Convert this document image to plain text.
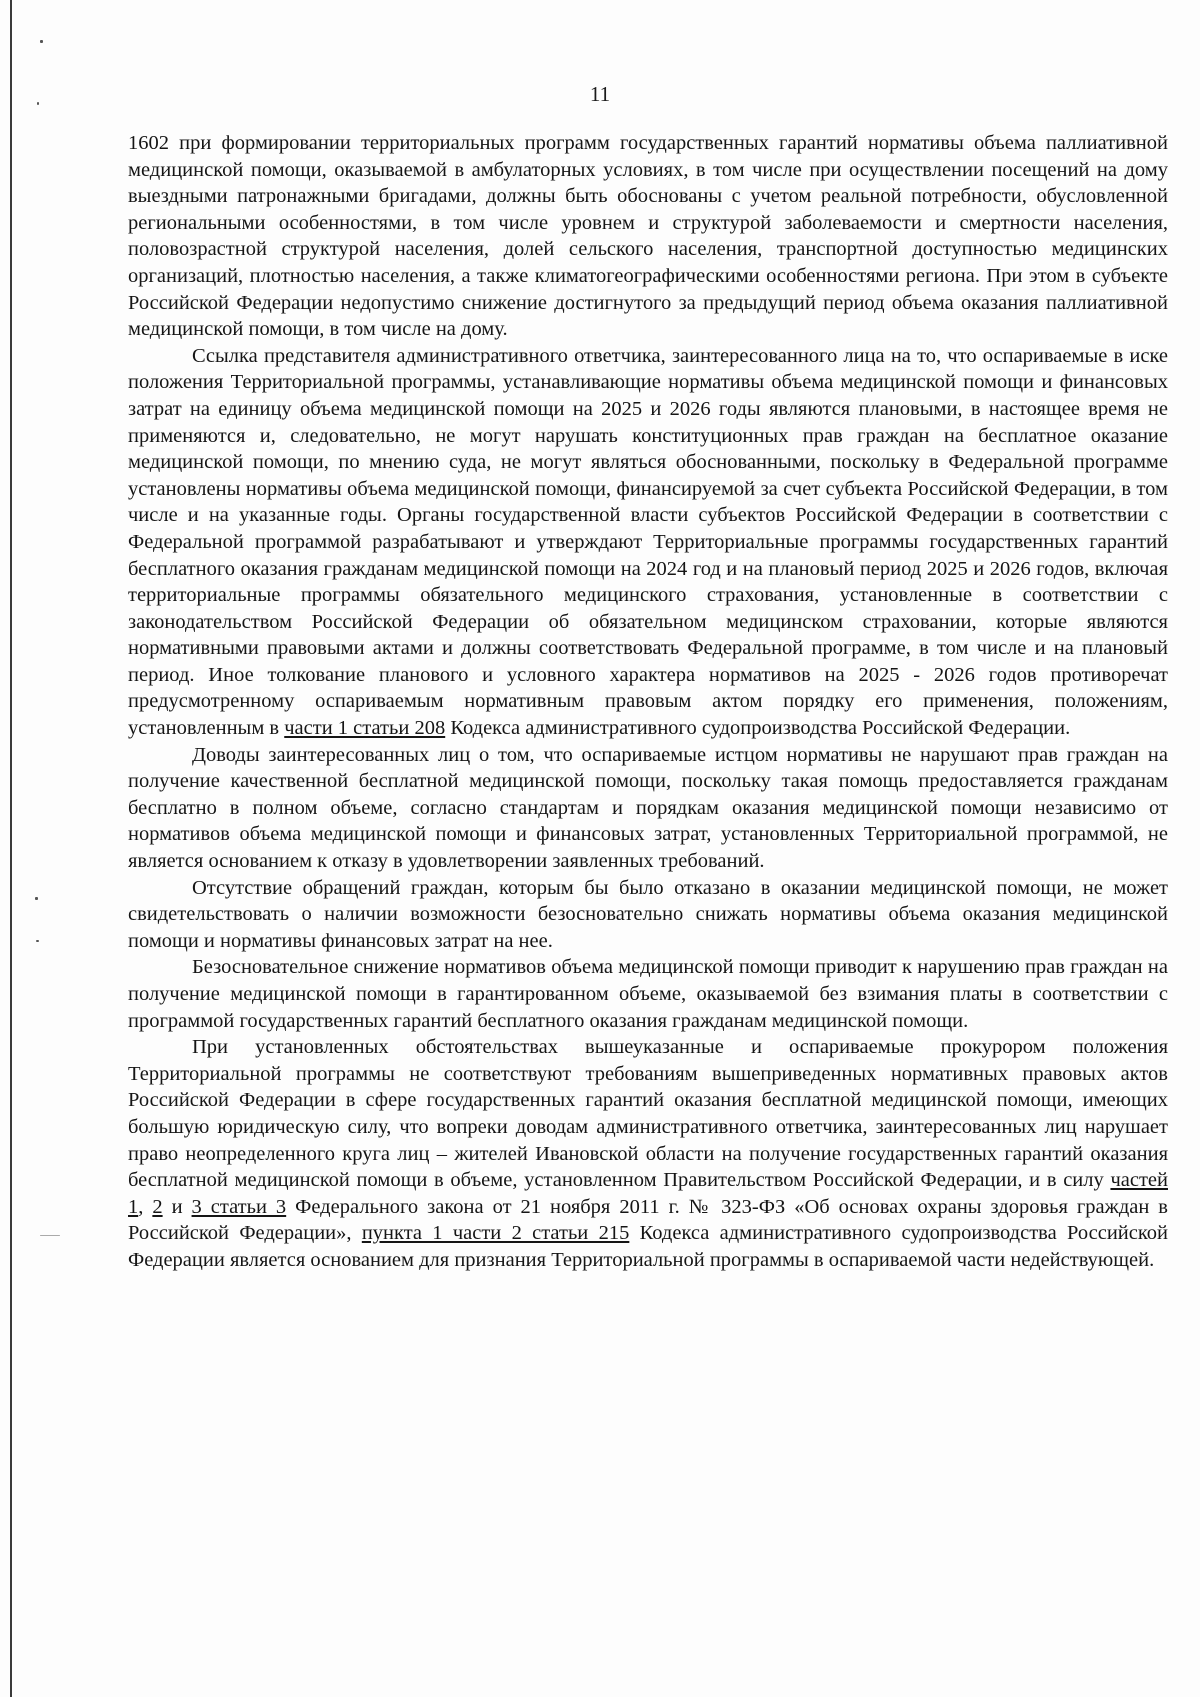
11

1602 при формировании территориальных программ государственных гарантий нормативы объема паллиативной медицинской помощи, оказываемой в амбулаторных условиях, в том числе при осуществлении посещений на дому выездными патронажными бригадами, должны быть обоснованы с учетом реальной потребности, обусловленной региональными особенностями, в том числе уровнем и структурой заболеваемости и смертности населения, половозрастной структурой населения, долей сельского населения, транспортной доступностью медицинских организаций, плотностью населения, а также климатогеографическими особенностями региона. При этом в субъекте Российской Федерации недопустимо снижение достигнутого за предыдущий период объема оказания паллиативной медицинской помощи, в том числе на дому.

Ссылка представителя административного ответчика, заинтересованного лица на то, что оспариваемые в иске положения Территориальной программы, устанавливающие нормативы объема медицинской помощи и финансовых затрат на единицу объема медицинской помощи на 2025 и 2026 годы являются плановыми, в настоящее время не применяются и, следовательно, не могут нарушать конституционных прав граждан на бесплатное оказание медицинской помощи, по мнению суда, не могут являться обоснованными, поскольку в Федеральной программе установлены нормативы объема медицинской помощи, финансируемой за счет субъекта Российской Федерации, в том числе и на указанные годы. Органы государственной власти субъектов Российской Федерации в соответствии с Федеральной программой разрабатывают и утверждают Территориальные программы государственных гарантий бесплатного оказания гражданам медицинской помощи на 2024 год и на плановый период 2025 и 2026 годов, включая территориальные программы обязательного медицинского страхования, установленные в соответствии с законодательством Российской Федерации об обязательном медицинском страховании, которые являются нормативными правовыми актами и должны соответствовать Федеральной программе, в том числе и на плановый период. Иное толкование планового и условного характера нормативов на 2025 - 2026 годов противоречат предусмотренному оспариваемым нормативным правовым актом порядку его применения, положениям, установленным в части 1 статьи 208 Кодекса административного судопроизводства Российской Федерации.

Доводы заинтересованных лиц о том, что оспариваемые истцом нормативы не нарушают прав граждан на получение качественной бесплатной медицинской помощи, поскольку такая помощь предоставляется гражданам бесплатно в полном объеме, согласно стандартам и порядкам оказания медицинской помощи независимо от нормативов объема медицинской помощи и финансовых затрат, установленных Территориальной программой, не является основанием к отказу в удовлетворении заявленных требований.

Отсутствие обращений граждан, которым бы было отказано в оказании медицинской помощи, не может свидетельствовать о наличии возможности безосновательно снижать нормативы объема оказания медицинской помощи и нормативы финансовых затрат на нее.

Безосновательное снижение нормативов объема медицинской помощи приводит к нарушению прав граждан на получение медицинской помощи в гарантированном объеме, оказываемой без взимания платы в соответствии с программой государственных гарантий бесплатного оказания гражданам медицинской помощи.

При установленных обстоятельствах вышеуказанные и оспариваемые прокурором положения Территориальной программы не соответствуют требованиям вышеприведенных нормативных правовых актов Российской Федерации в сфере государственных гарантий оказания бесплатной медицинской помощи, имеющих большую юридическую силу, что вопреки доводам административного ответчика, заинтересованных лиц нарушает право неопределенного круга лиц – жителей Ивановской области на получение государственных гарантий оказания бесплатной медицинской помощи в объеме, установленном Правительством Российской Федерации, и в силу частей 1, 2 и 3 статьи 3 Федерального закона от 21 ноября 2011 г. № 323-ФЗ «Об основах охраны здоровья граждан в Российской Федерации», пункта 1 части 2 статьи 215 Кодекса административного судопроизводства Российской Федерации является основанием для признания Территориальной программы в оспариваемой части недействующей.
